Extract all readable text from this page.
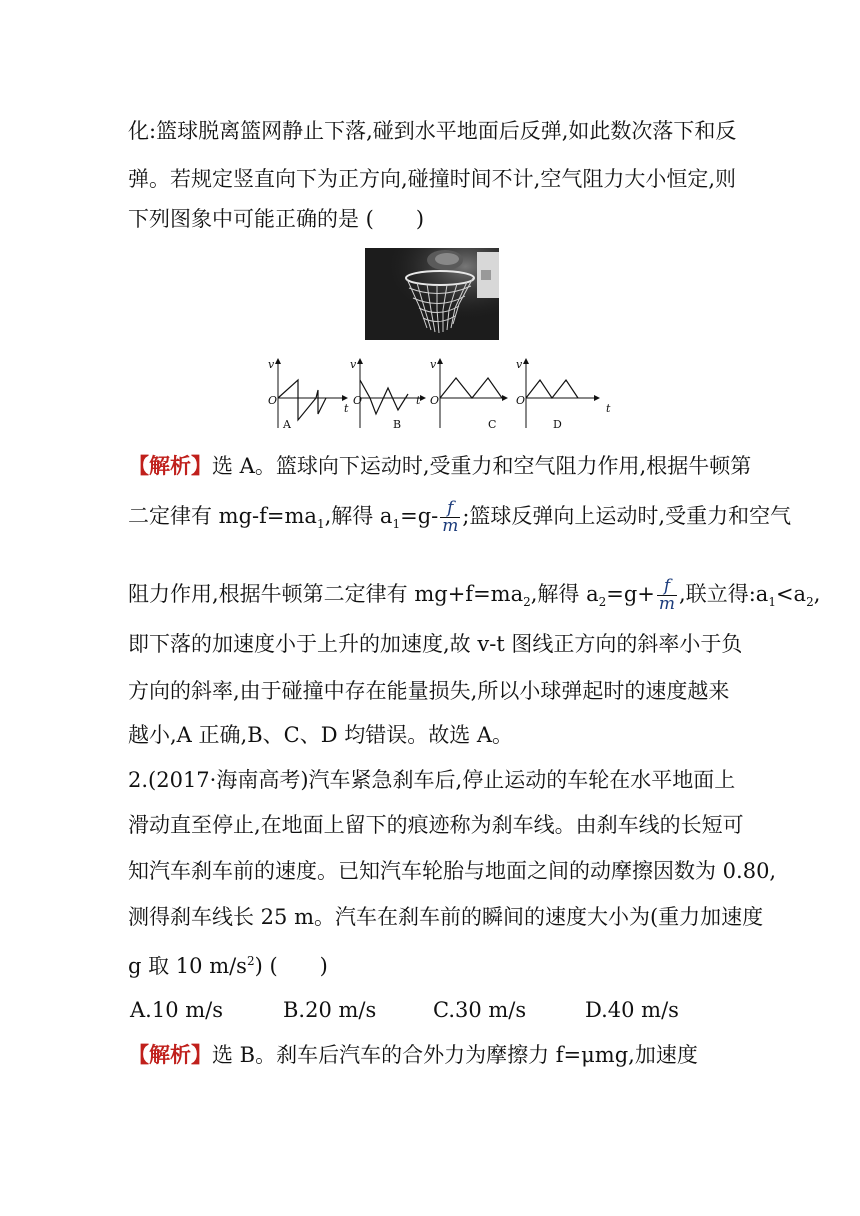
化:篮球脱离篮网静止下落,碰到水平地面后反弹,如此数次落下和反
弹。若规定竖直向下为正方向,碰撞时间不计,空气阻力大小恒定,则
下列图象中可能正确的是 (　　)
v
O
t
A
v
O	t
B
v
O
C
v
O
t
D
【解析】选 A。篮球向下运动时,受重力和空气阻力作用,根据牛顿第
二定律有 $mg-f=ma_1$,解得 $a_1=g- \frac{f}{m}$ ;篮球反弹向上运动时,受重力和空气
阻力作用,根据牛顿第二定律有 $mg+f=ma_2$,解得 $a_2=g+ \frac{f}{m}$ ,联立得$:a_1<a_2$,
即下落的加速度小于上升的加速度,故 v-t 图线正方向的斜率小于负
方向的斜率,由于碰撞中存在能量损失,所以小球弹起时的速度越来
越小,A 正确,B、C、D 均错误。故选 A。
2.(2017·海南高考)汽车紧急刹车后,停止运动的车轮在水平地面上
滑动直至停止,在地面上留下的痕迹称为刹车线。由刹车线的长短可
知汽车刹车前的速度。已知汽车轮胎与地面之间的动摩擦因数为 0.80,
测得刹车线长 25 m。汽车在刹车前的瞬间的速度大小为(重力加速度
g 取 10 $m/s^2$) (　　)
A.10 m/s	B.20 m/s	C.30 m/s	D.40 m/s
【解析】选 B。刹车后汽车的合外力为摩擦力 f=μmg,加速度
